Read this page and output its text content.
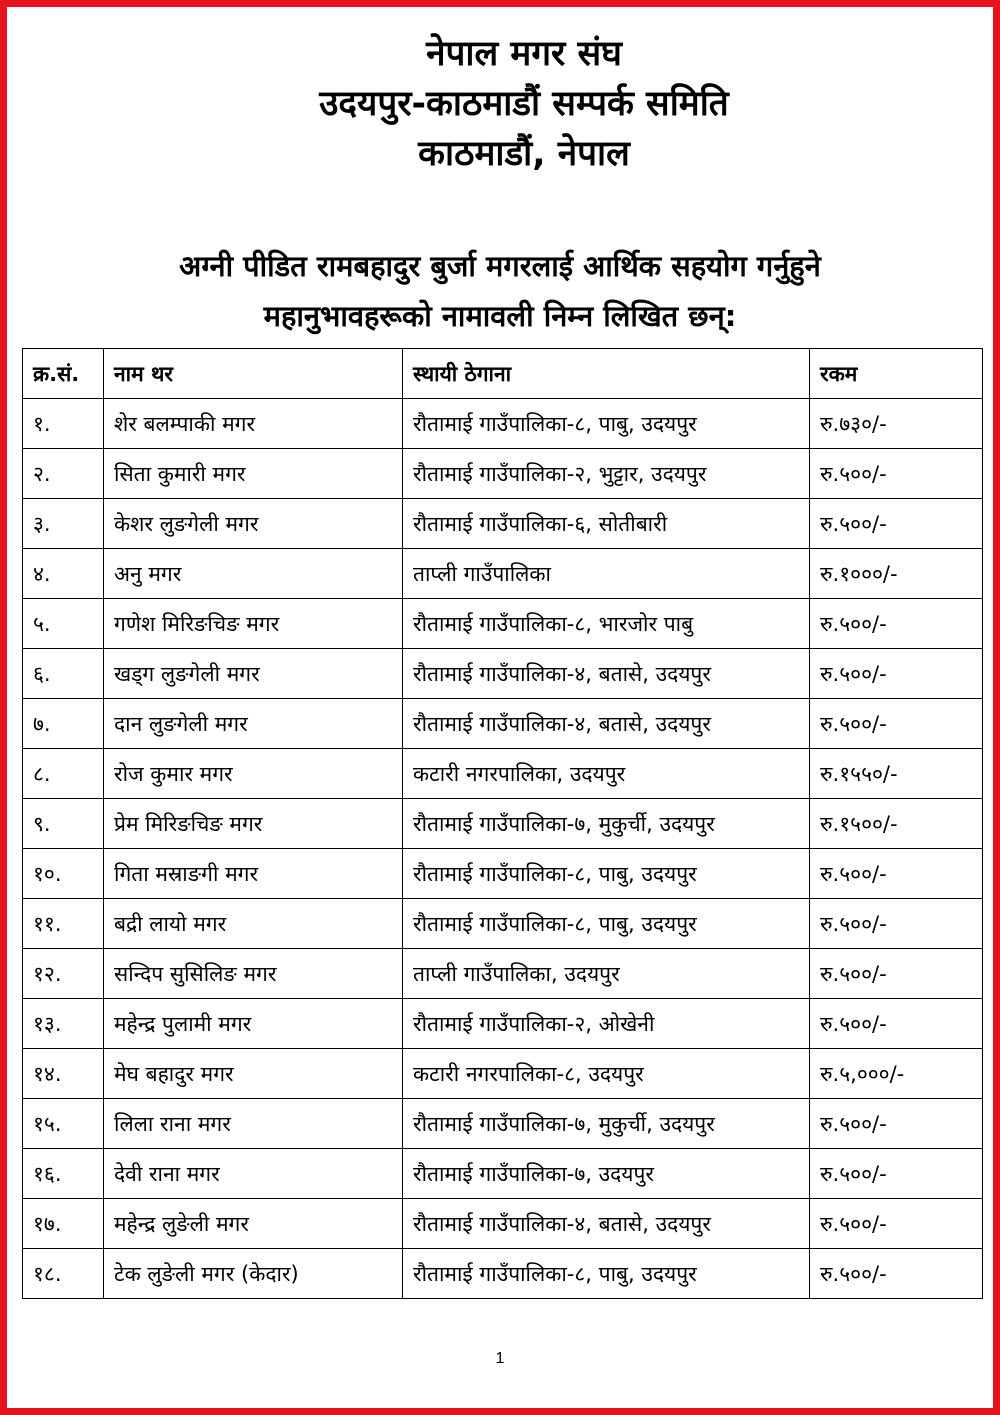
नेपाल मगर संघ
उदयपुर-काठमाडौं सम्पर्क समिति
काठमाडौं, नेपाल
अग्नी पीडित रामबहादुर बुर्जा मगरलाई आर्थिक सहयोग गर्नुहुने
महानुभावहरूको नामावली निम्न लिखित छन्:
क्र.सं.	नाम थर	स्थायी ठेगाना	रकम
१.	शेर बलम्पाकी मगर	रौतामाई गाउँपालिका-८, पाबु, उदयपुर	रु.७३०/-
२.	सिता कुमारी मगर	रौतामाई गाउँपालिका-२, भुट्टार, उदयपुर	रु.५००/-
३.	केशर लुङगेली मगर	रौतामाई गाउँपालिका-६, सोतीबारी	रु.५००/-
४.	अनु मगर	ताप्ली गाउँपालिका	रु.१०००/-
५.	गणेश मिरिङचिङ मगर	रौतामाई गाउँपालिका-८, भारजोर पाबु	रु.५००/-
६.	खड्ग लुङगेली मगर	रौतामाई गाउँपालिका-४, बतासे, उदयपुर	रु.५००/-
७.	दान लुङगेली मगर	रौतामाई गाउँपालिका-४, बतासे, उदयपुर	रु.५००/-
८.	रोज कुमार मगर	कटारी नगरपालिका, उदयपुर	रु.१५५०/-
९.	प्रेम मिरिङचिङ मगर	रौतामाई गाउँपालिका-७, मुकुर्ची, उदयपुर	रु.१५००/-
१०.	गिता मस्राङगी मगर	रौतामाई गाउँपालिका-८, पाबु, उदयपुर	रु.५००/-
११.	बद्री लायो मगर	रौतामाई गाउँपालिका-८, पाबु, उदयपुर	रु.५००/-
१२.	सन्दिप सुसिलिङ मगर	ताप्ली गाउँपालिका, उदयपुर	रु.५००/-
१३.	महेन्द्र पुलामी मगर	रौतामाई गाउँपालिका-२, ओखेनी	रु.५००/-
१४.	मेघ बहादुर मगर	कटारी नगरपालिका-८, उदयपुर	रु.५,०००/-
१५.	लिला राना मगर	रौतामाई गाउँपालिका-७, मुकुर्ची, उदयपुर	रु.५००/-
१६.	देवी राना मगर	रौतामाई गाउँपालिका-७, उदयपुर	रु.५००/-
१७.	महेन्द्र लुङेली मगर	रौतामाई गाउँपालिका-४, बतासे, उदयपुर	रु.५००/-
१८.	टेक लुङेली मगर (केदार)	रौतामाई गाउँपालिका-८, पाबु, उदयपुर	रु.५००/-
1
